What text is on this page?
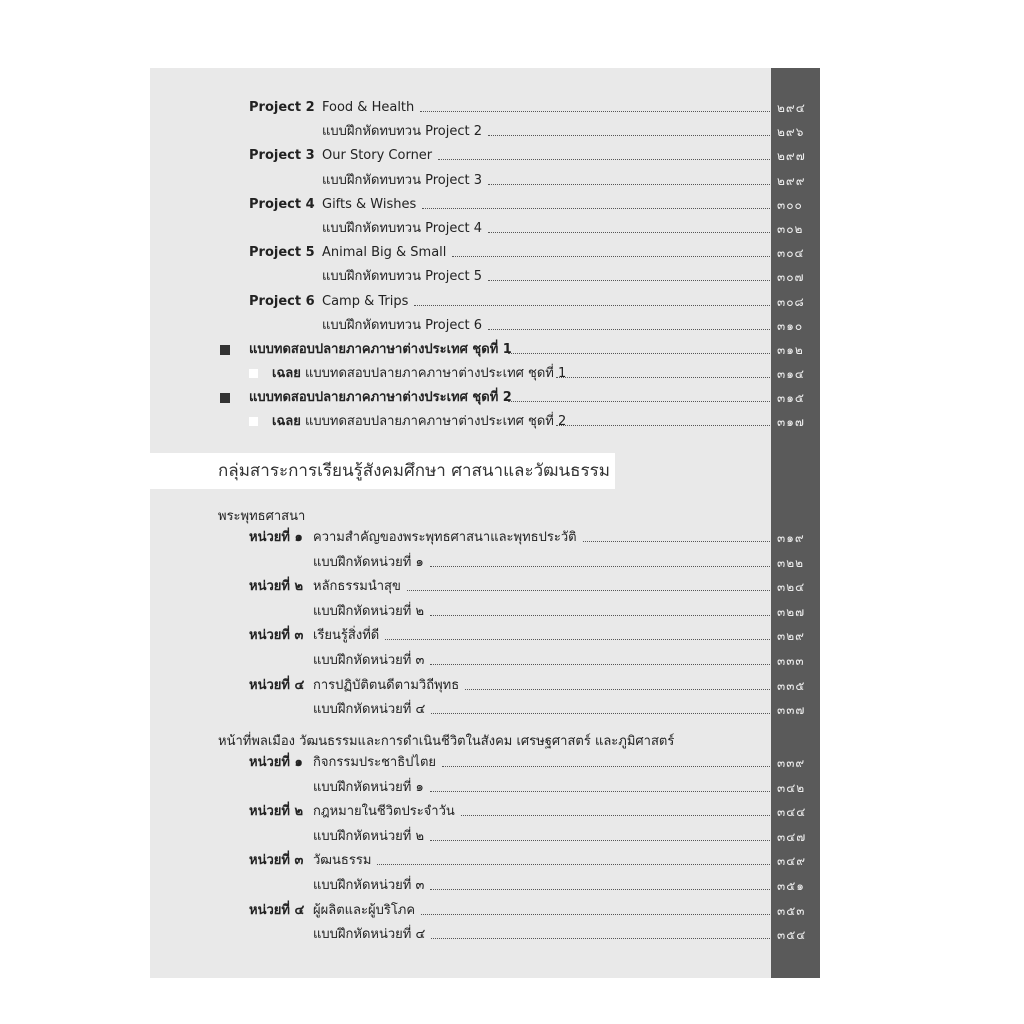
Project 2 Food & Health	๒๙๔
แบบฝึกหัดทบทวน Project 2	๒๙๖
Project 3 Our Story Corner	๒๙๗
แบบฝึกหัดทบทวน Project 3	๒๙๙
Project 4 Gifts & Wishes	๓๐๐
แบบฝึกหัดทบทวน Project 4	๓๐๒
Project 5 Animal Big & Small	๓๐๔
แบบฝึกหัดทบทวน Project 5	๓๐๗
Project 6 Camp & Trips	๓๐๘
แบบฝึกหัดทบทวน Project 6	๓๑๐
แบบทดสอบปลายภาคภาษาต่างประเทศ ชุดที่ 1	๓๑๒
เฉลย แบบทดสอบปลายภาคภาษาต่างประเทศ ชุดที่ 1	๓๑๔
แบบทดสอบปลายภาคภาษาต่างประเทศ ชุดที่ 2	๓๑๕
เฉลย แบบทดสอบปลายภาคภาษาต่างประเทศ ชุดที่ 2	๓๑๗
กลุ่มสาระการเรียนรู้สังคมศึกษา ศาสนาและวัฒนธรรม
พระพุทธศาสนา
หน่วยที่ ๑ ความสำคัญของพระพุทธศาสนาและพุทธประวัติ	๓๑๙
แบบฝึกหัดหน่วยที่ ๑	๓๒๒
หน่วยที่ ๒ หลักธรรมนำสุข	๓๒๔
แบบฝึกหัดหน่วยที่ ๒	๓๒๗
หน่วยที่ ๓ เรียนรู้สิ่งที่ดี	๓๒๙
แบบฝึกหัดหน่วยที่ ๓	๓๓๓
หน่วยที่ ๔ การปฏิบัติตนดีตามวิถีพุทธ	๓๓๕
แบบฝึกหัดหน่วยที่ ๔	๓๓๗
หน้าที่พลเมือง วัฒนธรรมและการดำเนินชีวิตในสังคม เศรษฐศาสตร์ และภูมิศาสตร์
หน่วยที่ ๑ กิจกรรมประชาธิปไตย	๓๓๙
แบบฝึกหัดหน่วยที่ ๑	๓๔๒
หน่วยที่ ๒ กฎหมายในชีวิตประจำวัน	๓๔๔
แบบฝึกหัดหน่วยที่ ๒	๓๔๗
หน่วยที่ ๓ วัฒนธรรม	๓๔๙
แบบฝึกหัดหน่วยที่ ๓	๓๕๑
หน่วยที่ ๔ ผู้ผลิตและผู้บริโภค	๓๕๓
แบบฝึกหัดหน่วยที่ ๔	๓๕๔
